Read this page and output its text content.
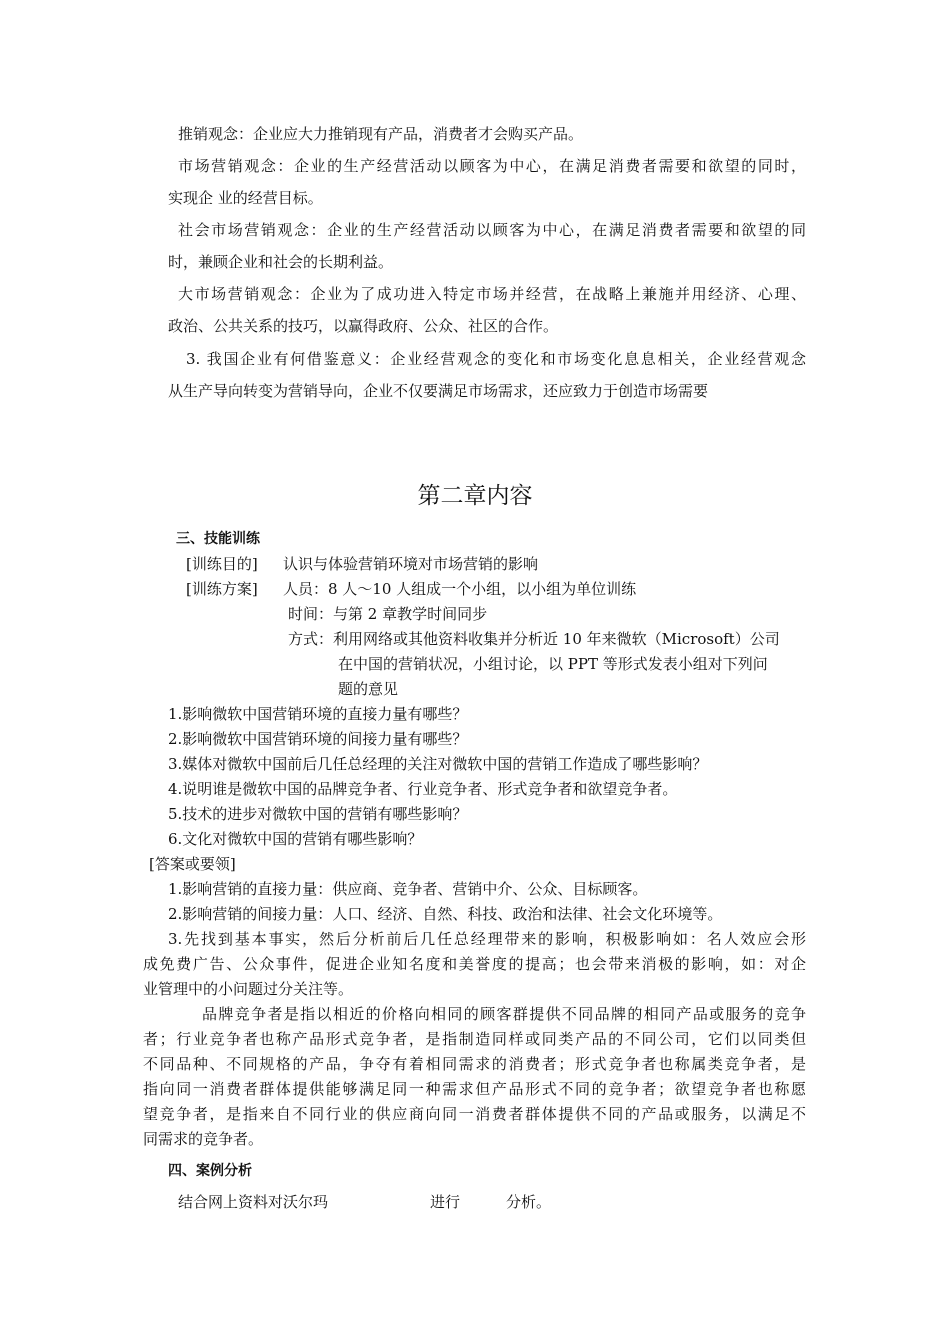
推销观念：企业应大力推销现有产品，消费者才会购买产品。
市场营销观念：企业的生产经营活动以顾客为中心，在满足消费者需要和欲望的同时，
实现企 业的经营目标。
社会市场营销观念：企业的生产经营活动以顾客为中心，在满足消费者需要和欲望的同
时，兼顾企业和社会的长期利益。
大市场营销观念：企业为了成功进入特定市场并经营，在战略上兼施并用经济、心理、
政治、公共关系的技巧，以赢得政府、公众、社区的合作。
3. 我国企业有何借鉴意义：企业经营观念的变化和市场变化息息相关，企业经营观念
从生产导向转变为营销导向，企业不仅要满足市场需求，还应致力于创造市场需要
第二章内容
三、技能训练
[训练目的] 认识与体验营销环境对市场营销的影响
[训练方案] 人员：8 人～10 人组成一个小组，以小组为单位训练
时间：与第 2 章教学时间同步
方式：利用网络或其他资料收集并分析近 10 年来微软（Microsoft）公司
在中国的营销状况，小组讨论，以 PPT 等形式发表小组对下列问
题的意见
1.影响微软中国营销环境的直接力量有哪些？
2.影响微软中国营销环境的间接力量有哪些？
3.媒体对微软中国前后几任总经理的关注对微软中国的营销工作造成了哪些影响？
4.说明谁是微软中国的品牌竞争者、行业竞争者、形式竞争者和欲望竞争者。
5.技术的进步对微软中国的营销有哪些影响？
6.文化对微软中国的营销有哪些影响？
[答案或要领]
1.影响营销的直接力量：供应商、竞争者、营销中介、公众、目标顾客。
2.影响营销的间接力量：人口、经济、自然、科技、政治和法律、社会文化环境等。
3.先找到基本事实，然后分析前后几任总经理带来的影响，积极影响如：名人效应会形
成免费广告、公众事件，促进企业知名度和美誉度的提高；也会带来消极的影响，如：对企
业管理中的小问题过分关注等。
品牌竞争者是指以相近的价格向相同的顾客群提供不同品牌的相同产品或服务的竞争
者；行业竞争者也称产品形式竞争者，是指制造同样或同类产品的不同公司，它们以同类但
不同品种、不同规格的产品，争夺有着相同需求的消费者；形式竞争者也称属类竞争者，是
指向同一消费者群体提供能够满足同一种需求但产品形式不同的竞争者；欲望竞争者也称愿
望竞争者，是指来自不同行业的供应商向同一消费者群体提供不同的产品或服务，以满足不
同需求的竞争者。
四、案例分析
结合网上资料对沃尔玛	进行	分析。
